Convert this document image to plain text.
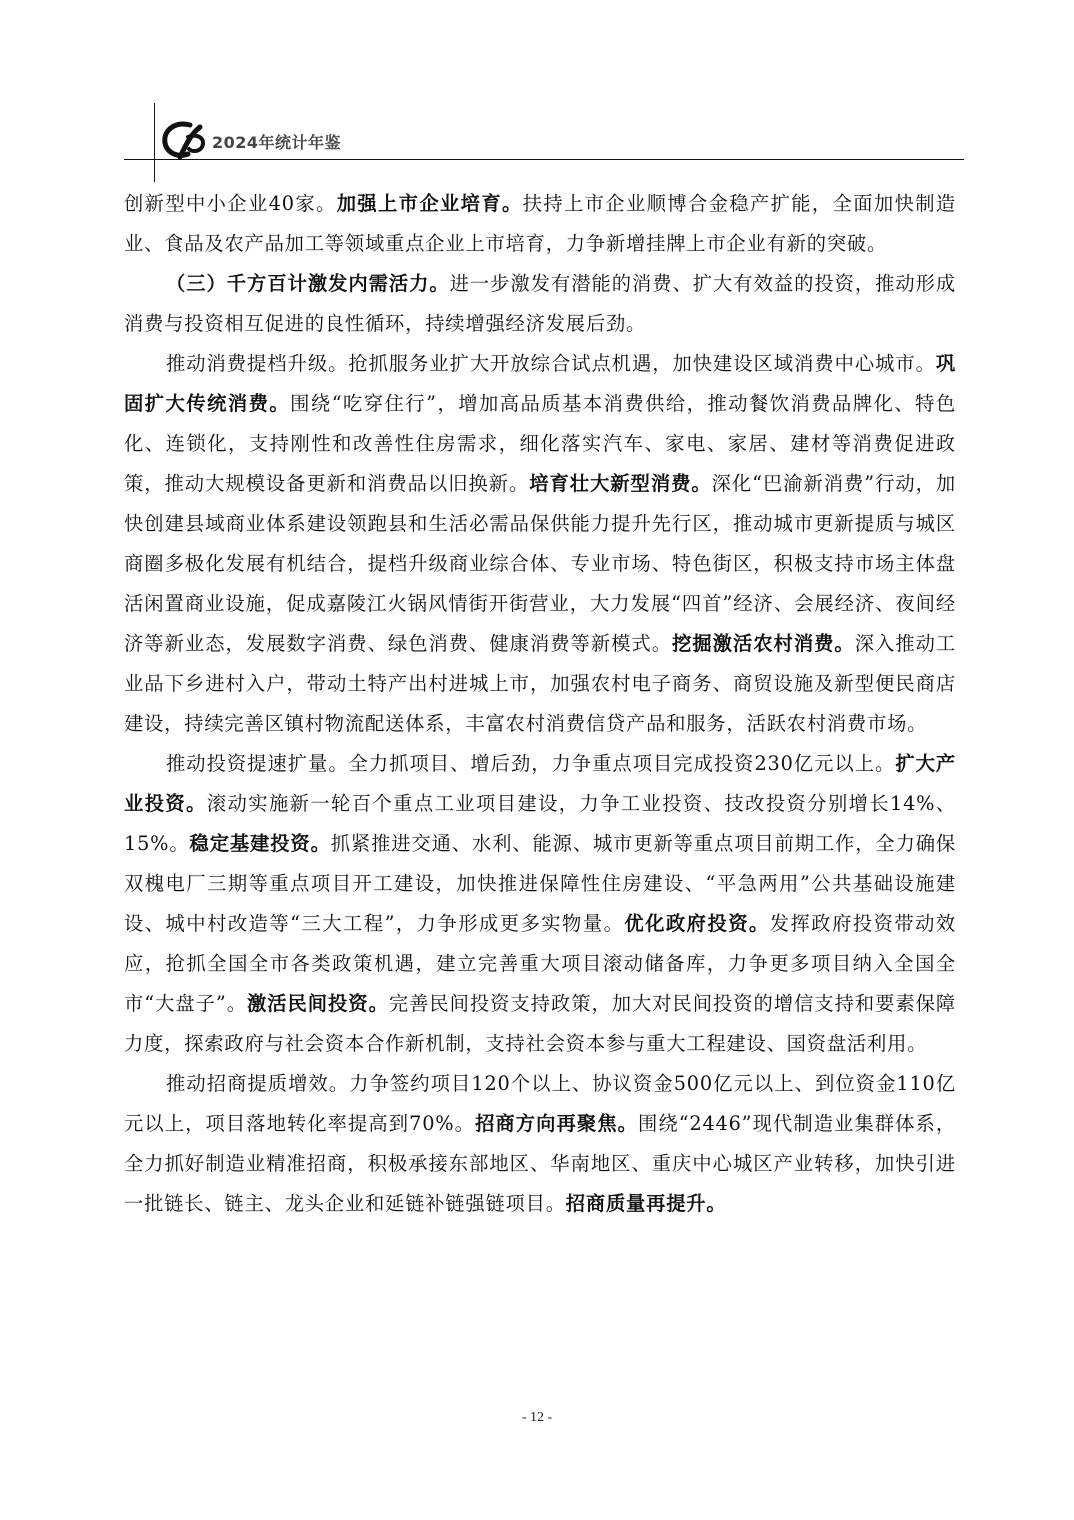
2024年统计年鉴

创新型中小企业40家。加强上市企业培育。扶持上市企业顺博合金稳产扩能，全面加快制造业、食品及农产品加工等领域重点企业上市培育，力争新增挂牌上市企业有新的突破。

（三）千方百计激发内需活力。进一步激发有潜能的消费、扩大有效益的投资，推动形成消费与投资相互促进的良性循环，持续增强经济发展后劲。

推动消费提档升级。抢抓服务业扩大开放综合试点机遇，加快建设区域消费中心城市。巩固扩大传统消费。围绕“吃穿住行”，增加高品质基本消费供给，推动餐饮消费品牌化、特色化、连锁化，支持刚性和改善性住房需求，细化落实汽车、家电、家居、建材等消费促进政策，推动大规模设备更新和消费品以旧换新。培育壮大新型消费。深化“巴渝新消费”行动，加快创建县域商业体系建设领跑县和生活必需品保供能力提升先行区，推动城市更新提质与城区商圈多极化发展有机结合，提档升级商业综合体、专业市场、特色街区，积极支持市场主体盘活闲置商业设施，促成嘉陵江火锅风情街开街营业，大力发展“四首”经济、会展经济、夜间经济等新业态，发展数字消费、绿色消费、健康消费等新模式。挖掘激活农村消费。深入推动工业品下乡进村入户，带动土特产出村进城上市，加强农村电子商务、商贸设施及新型便民商店建设，持续完善区镇村物流配送体系，丰富农村消费信贷产品和服务，活跃农村消费市场。

推动投资提速扩量。全力抓项目、增后劲，力争重点项目完成投资230亿元以上。扩大产业投资。滚动实施新一轮百个重点工业项目建设，力争工业投资、技改投资分别增长14%、15%。稳定基建投资。抓紧推进交通、水利、能源、城市更新等重点项目前期工作，全力确保双槐电厂三期等重点项目开工建设，加快推进保障性住房建设、“平急两用”公共基础设施建设、城中村改造等“三大工程”，力争形成更多实物量。优化政府投资。发挥政府投资带动效应，抢抓全国全市各类政策机遇，建立完善重大项目滚动储备库，力争更多项目纳入全国全市“大盘子”。激活民间投资。完善民间投资支持政策，加大对民间投资的增信支持和要素保障力度，探索政府与社会资本合作新机制，支持社会资本参与重大工程建设、国资盘活利用。

推动招商提质增效。力争签约项目120个以上、协议资金500亿元以上、到位资金110亿元以上，项目落地转化率提高到70%。招商方向再聚焦。围绕“2446”现代制造业集群体系，全力抓好制造业精准招商，积极承接东部地区、华南地区、重庆中心城区产业转移，加快引进一批链长、链主、龙头企业和延链补链强链项目。招商质量再提升。

- 12 -
